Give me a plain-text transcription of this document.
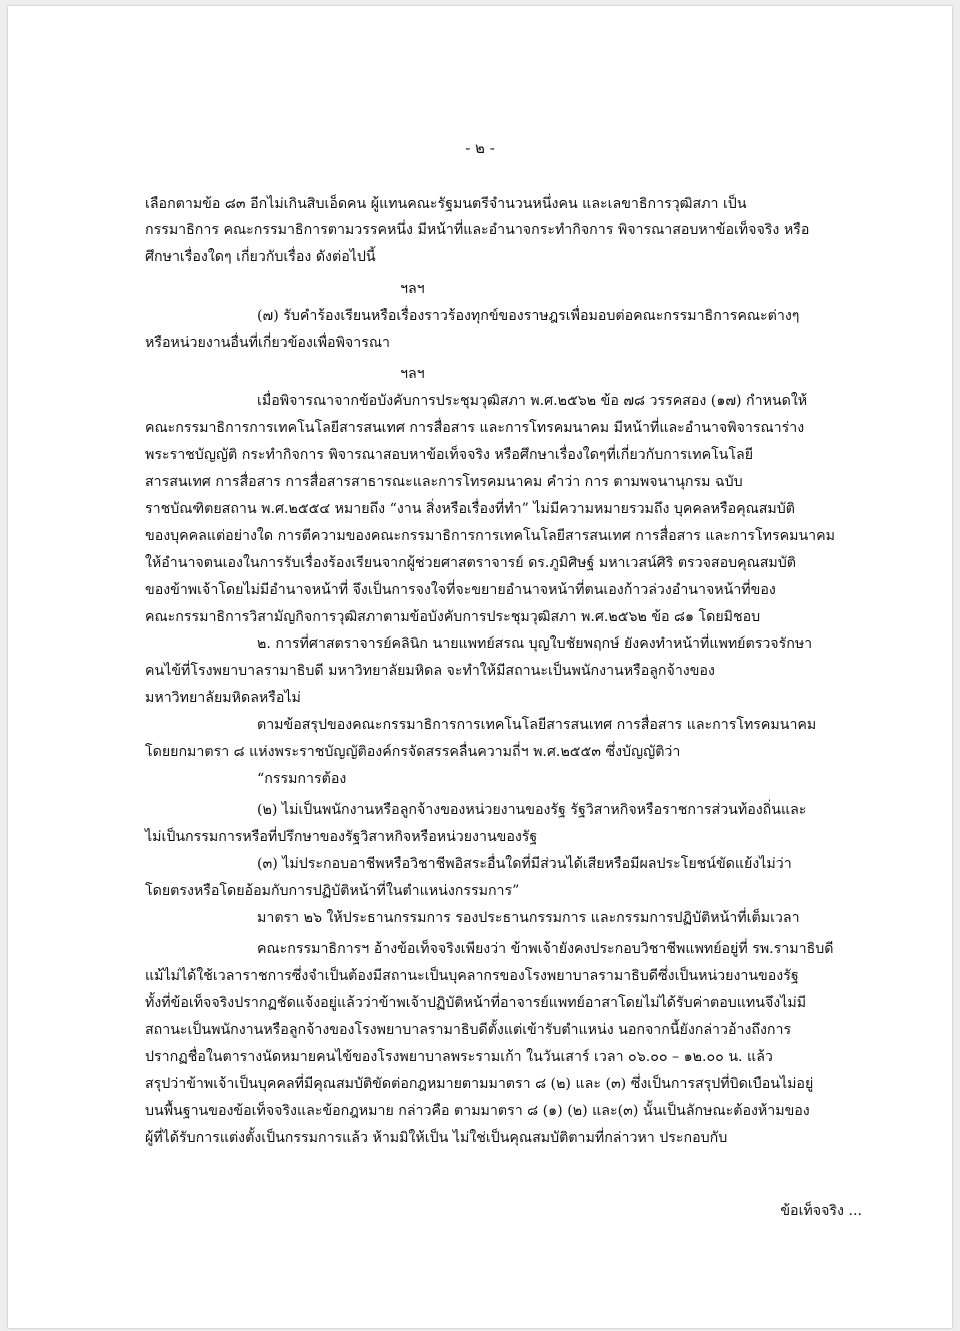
- ๒ -
เลือกตามข้อ ๘๓ อีกไม่เกินสิบเอ็ดคน ผู้แทนคณะรัฐมนตรีจำนวนหนึ่งคน และเลขาธิการวุฒิสภา เป็น
กรรมาธิการ คณะกรรมาธิการตามวรรคหนึ่ง มีหน้าที่และอำนาจกระทำกิจการ พิจารณาสอบหาข้อเท็จจริง หรือ
ศึกษาเรื่องใดๆ เกี่ยวกับเรื่อง ดังต่อไปนี้
ฯลฯ
(๗) รับคำร้องเรียนหรือเรื่องราวร้องทุกข์ของราษฎรเพื่อมอบต่อคณะกรรมาธิการคณะต่างๆ
หรือหน่วยงานอื่นที่เกี่ยวข้องเพื่อพิจารณา
ฯลฯ
เมื่อพิจารณาจากข้อบังคับการประชุมวุฒิสภา พ.ศ.๒๕๖๒ ข้อ ๗๘ วรรคสอง (๑๗) กำหนดให้
คณะกรรมาธิการการเทคโนโลยีสารสนเทศ การสื่อสาร และการโทรคมนาคม มีหน้าที่และอำนาจพิจารณาร่าง
พระราชบัญญัติ กระทำกิจการ พิจารณาสอบหาข้อเท็จจริง หรือศึกษาเรื่องใดๆที่เกี่ยวกับการเทคโนโลยี
สารสนเทศ การสื่อสาร การสื่อสารสาธารณะและการโทรคมนาคม คำว่า การ ตามพจนานุกรม ฉบับ
ราชบัณฑิตยสถาน พ.ศ.๒๕๕๔ หมายถึง “งาน สิ่งหรือเรื่องที่ทำ” ไม่มีความหมายรวมถึง บุคคลหรือคุณสมบัติ
ของบุคคลแต่อย่างใด การตีความของคณะกรรมาธิการการเทคโนโลยีสารสนเทศ การสื่อสาร และการโทรคมนาคม
ให้อำนาจตนเองในการรับเรื่องร้องเรียนจากผู้ช่วยศาสตราจารย์ ดร.ภูมิศิษฐ์ มหาเวสน์ศิริ ตรวจสอบคุณสมบัติ
ของข้าพเจ้าโดยไม่มีอำนาจหน้าที่ จึงเป็นการจงใจที่จะขยายอำนาจหน้าที่ตนเองก้าวล่วงอำนาจหน้าที่ของ
คณะกรรมาธิการวิสามัญกิจการวุฒิสภาตามข้อบังคับการประชุมวุฒิสภา พ.ศ.๒๕๖๒ ข้อ ๘๑ โดยมิชอบ
๒. การที่ศาสตราจารย์คลินิก นายแพทย์สรณ บุญใบชัยพฤกษ์ ยังคงทำหน้าที่แพทย์ตรวจรักษา
คนไข้ที่โรงพยาบาลรามาธิบดี มหาวิทยาลัยมหิดล จะทำให้มีสถานะเป็นพนักงานหรือลูกจ้างของ
มหาวิทยาลัยมหิดลหรือไม่
ตามข้อสรุปของคณะกรรมาธิการการเทคโนโลยีสารสนเทศ การสื่อสาร และการโทรคมนาคม
โดยยกมาตรา ๘ แห่งพระราชบัญญัติองค์กรจัดสรรคลื่นความถี่ฯ พ.ศ.๒๕๕๓ ซึ่งบัญญัติว่า
“กรรมการต้อง
(๒) ไม่เป็นพนักงานหรือลูกจ้างของหน่วยงานของรัฐ รัฐวิสาหกิจหรือราชการส่วนท้องถิ่นและ
ไม่เป็นกรรมการหรือที่ปรึกษาของรัฐวิสาหกิจหรือหน่วยงานของรัฐ
(๓) ไม่ประกอบอาชีพหรือวิชาชีพอิสระอื่นใดที่มีส่วนได้เสียหรือมีผลประโยชน์ขัดแย้งไม่ว่า
โดยตรงหรือโดยอ้อมกับการปฏิบัติหน้าที่ในตำแหน่งกรรมการ”
มาตรา ๒๖ ให้ประธานกรรมการ รองประธานกรรมการ และกรรมการปฏิบัติหน้าที่เต็มเวลา
คณะกรรมาธิการฯ อ้างข้อเท็จจริงเพียงว่า ข้าพเจ้ายังคงประกอบวิชาชีพแพทย์อยู่ที่ รพ.รามาธิบดี
แม้ไม่ได้ใช้เวลาราชการซึ่งจำเป็นต้องมีสถานะเป็นบุคลากรของโรงพยาบาลรามาธิบดีซึ่งเป็นหน่วยงานของรัฐ
ทั้งที่ข้อเท็จจริงปรากฏชัดแจ้งอยู่แล้วว่าข้าพเจ้าปฏิบัติหน้าที่อาจารย์แพทย์อาสาโดยไม่ได้รับค่าตอบแทนจึงไม่มี
สถานะเป็นพนักงานหรือลูกจ้างของโรงพยาบาลรามาธิบดีตั้งแต่เข้ารับตำแหน่ง นอกจากนี้ยังกล่าวอ้างถึงการ
ปรากฏชื่อในตารางนัดหมายคนไข้ของโรงพยาบาลพระรามเก้า ในวันเสาร์ เวลา ๐๖.๐๐ – ๑๒.๐๐ น. แล้ว
สรุปว่าข้าพเจ้าเป็นบุคคลที่มีคุณสมบัติขัดต่อกฎหมายตามมาตรา ๘ (๒) และ (๓) ซึ่งเป็นการสรุปที่บิดเบือนไม่อยู่
บนพื้นฐานของข้อเท็จจริงและข้อกฎหมาย กล่าวคือ ตามมาตรา ๘ (๑) (๒) และ(๓) นั้นเป็นลักษณะต้องห้ามของ
ผู้ที่ได้รับการแต่งตั้งเป็นกรรมการแล้ว ห้ามมิให้เป็น ไม่ใช่เป็นคุณสมบัติตามที่กล่าวหา ประกอบกับ
ข้อเท็จจริง ...
